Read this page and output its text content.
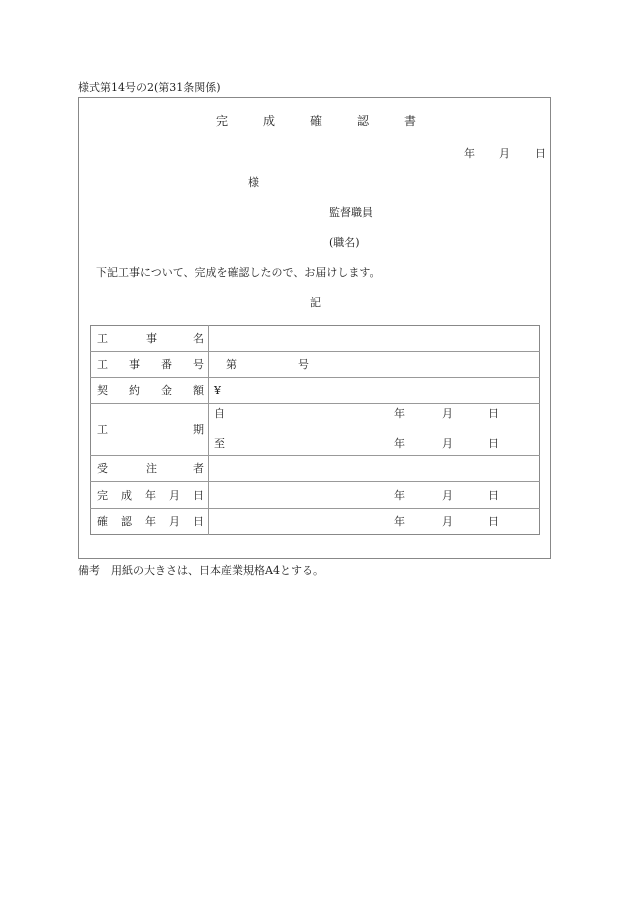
様式第14号の2(第31条関係)
完	成	確	認	書
年 月 日
様
監督職員
(職名)
下記工事について、完成を確認したので、お届けします。
記
工	事	名
工 事 番 号 第	号
契 約 金 額 ¥
工	期
自	年	月	日
至	年	月	日
受	注	者
完 成 年 月 日	年	月	日
確 認 年 月 日	年	月	日
備考　用紙の大きさは、日本産業規格A4とする。
